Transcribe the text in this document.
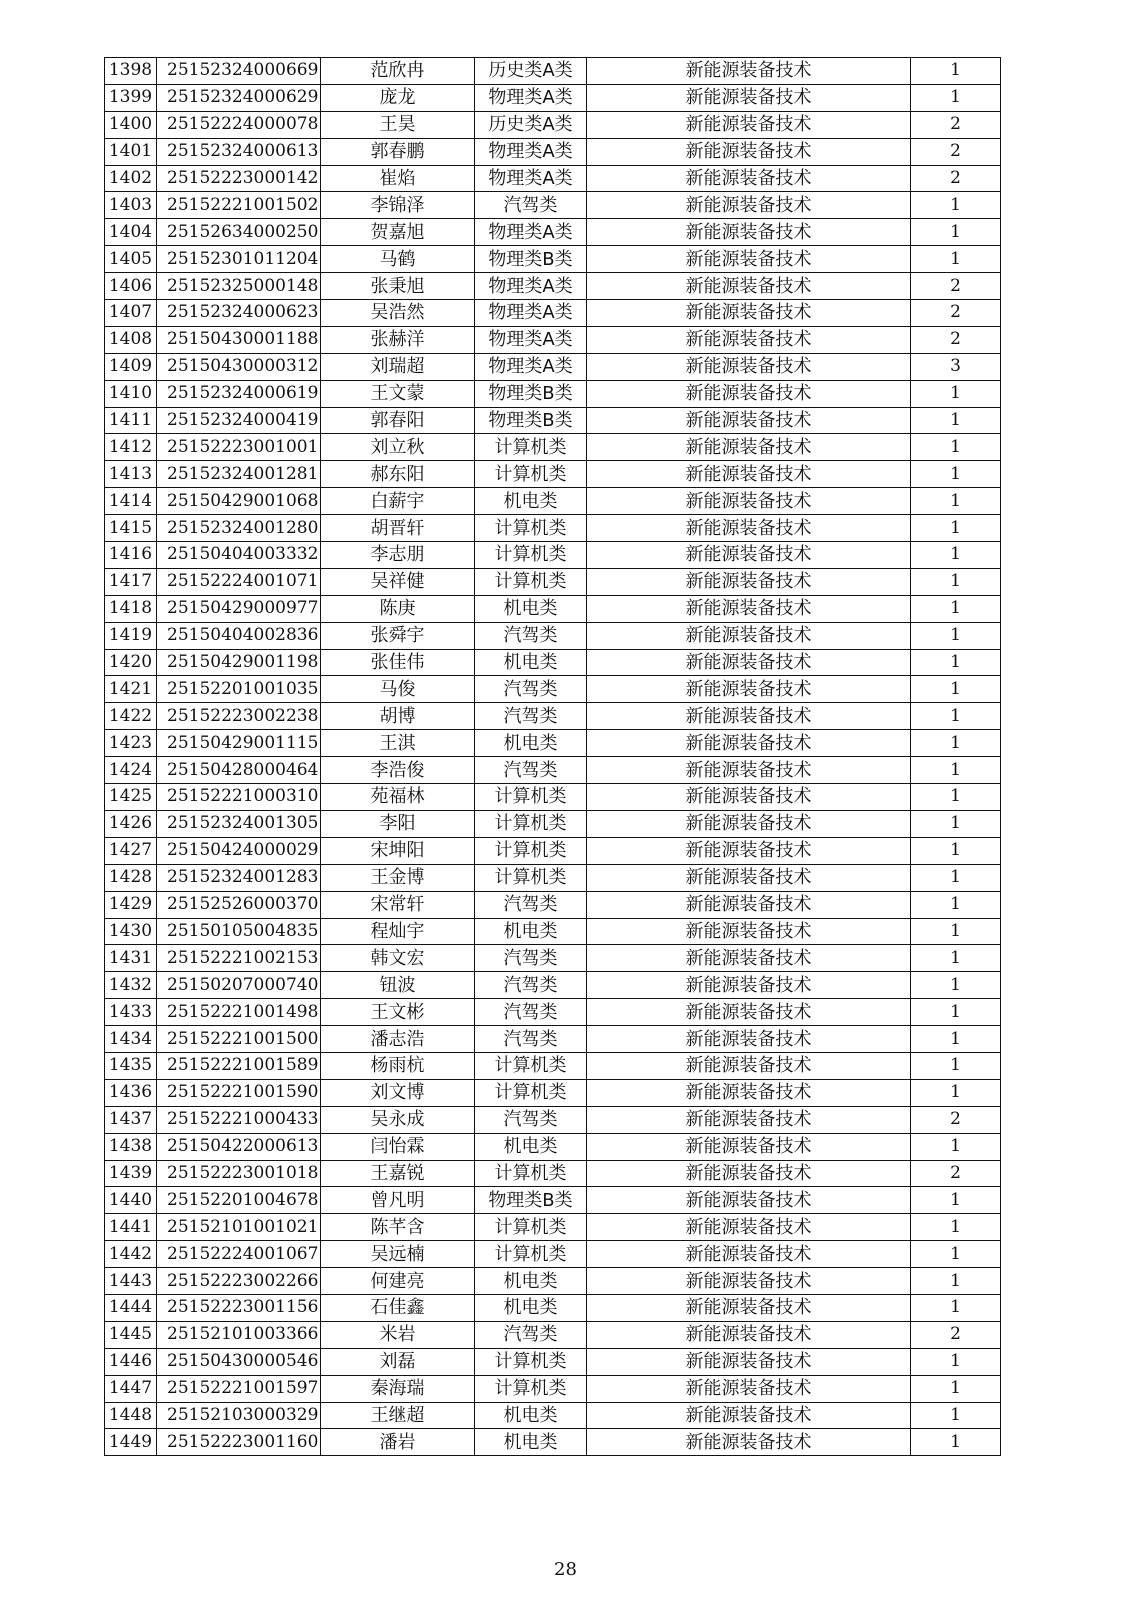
1398	25152324000669	范欣冉	历史类A类	新能源装备技术	1
1399	25152324000629	庞龙	物理类A类	新能源装备技术	1
1400	25152224000078	王昊	历史类A类	新能源装备技术	2
1401	25152324000613	郭春鹏	物理类A类	新能源装备技术	2
1402	25152223000142	崔焰	物理类A类	新能源装备技术	2
1403	25152221001502	李锦泽	汽驾类	新能源装备技术	1
1404	25152634000250	贺嘉旭	物理类A类	新能源装备技术	1
1405	25152301011204	马鹤	物理类B类	新能源装备技术	1
1406	25152325000148	张秉旭	物理类A类	新能源装备技术	2
1407	25152324000623	吴浩然	物理类A类	新能源装备技术	2
1408	25150430001188	张赫洋	物理类A类	新能源装备技术	2
1409	25150430000312	刘瑞超	物理类A类	新能源装备技术	3
1410	25152324000619	王文蒙	物理类B类	新能源装备技术	1
1411	25152324000419	郭春阳	物理类B类	新能源装备技术	1
1412	25152223001001	刘立秋	计算机类	新能源装备技术	1
1413	25152324001281	郝东阳	计算机类	新能源装备技术	1
1414	25150429001068	白薪宇	机电类	新能源装备技术	1
1415	25152324001280	胡晋轩	计算机类	新能源装备技术	1
1416	25150404003332	李志朋	计算机类	新能源装备技术	1
1417	25152224001071	吴祥健	计算机类	新能源装备技术	1
1418	25150429000977	陈庚	机电类	新能源装备技术	1
1419	25150404002836	张舜宇	汽驾类	新能源装备技术	1
1420	25150429001198	张佳伟	机电类	新能源装备技术	1
1421	25152201001035	马俊	汽驾类	新能源装备技术	1
1422	25152223002238	胡博	汽驾类	新能源装备技术	1
1423	25150429001115	王淇	机电类	新能源装备技术	1
1424	25150428000464	李浩俊	汽驾类	新能源装备技术	1
1425	25152221000310	苑福林	计算机类	新能源装备技术	1
1426	25152324001305	李阳	计算机类	新能源装备技术	1
1427	25150424000029	宋坤阳	计算机类	新能源装备技术	1
1428	25152324001283	王金博	计算机类	新能源装备技术	1
1429	25152526000370	宋常轩	汽驾类	新能源装备技术	1
1430	25150105004835	程灿宇	机电类	新能源装备技术	1
1431	25152221002153	韩文宏	汽驾类	新能源装备技术	1
1432	25150207000740	钮波	汽驾类	新能源装备技术	1
1433	25152221001498	王文彬	汽驾类	新能源装备技术	1
1434	25152221001500	潘志浩	汽驾类	新能源装备技术	1
1435	25152221001589	杨雨杭	计算机类	新能源装备技术	1
1436	25152221001590	刘文博	计算机类	新能源装备技术	1
1437	25152221000433	吴永成	汽驾类	新能源装备技术	2
1438	25150422000613	闫怡霖	机电类	新能源装备技术	1
1439	25152223001018	王嘉锐	计算机类	新能源装备技术	2
1440	25152201004678	曾凡明	物理类B类	新能源装备技术	1
1441	25152101001021	陈芊含	计算机类	新能源装备技术	1
1442	25152224001067	吴远楠	计算机类	新能源装备技术	1
1443	25152223002266	何建亮	机电类	新能源装备技术	1
1444	25152223001156	石佳鑫	机电类	新能源装备技术	1
1445	25152101003366	米岩	汽驾类	新能源装备技术	2
1446	25150430000546	刘磊	计算机类	新能源装备技术	1
1447	25152221001597	秦海瑞	计算机类	新能源装备技术	1
1448	25152103000329	王继超	机电类	新能源装备技术	1
1449	25152223001160	潘岩	机电类	新能源装备技术	1
28
